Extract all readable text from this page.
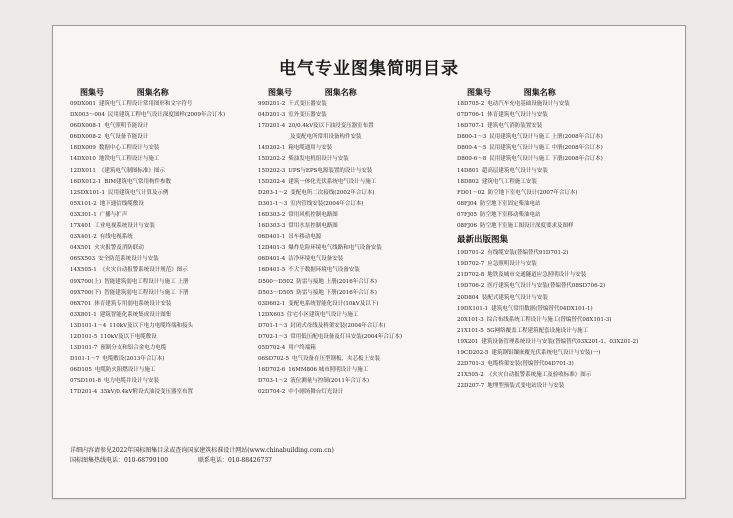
电气专业图集简明目录
图集号	图集名称
09DX001 建筑电气工程设计常用图形和文字符号
DX003～004 民用建筑工程电气设计深度图样(2009年合订本)
06DX008-1 电气照明节能设计
06DX008-2 电气设备节能设计
18DX009 数据中心工程设计与安装
14DX010 地铁电气工程设计与施工
12DX011 《建筑电气制图标准》图示
16DX012-1 BIM建筑电气常用构件参数
12SDX101-1 民用建筑电气计算及示例
05X101-2 地下通信线缆敷设
03X301-1 广播与扩声
17X401 工业电视系统设计与安装
03X401-2 有线电视系统
04X501 火灾报警及消防联动
06SX503 安全防范系统设计与安装
14X505-1 《火灾自动报警系统设计规范》图示
09X700(上) 智能建筑弱电工程设计与施工 上册
09X700(下) 智能建筑弱电工程设计与施工 下册
06X701 体育建筑专用弱电系统设计安装
03X801-1 建筑智能化系统集成设计图集
13D101-1～4 110kV及以下电力电缆终端和接头
12D101-5 110kV及以下电缆敷设
13D101-7 预制分支和铝合金电力电缆
D101-1～7 电缆敷设(2013年合订本)
06D105 电缆防火阻燃设计与施工
07SD101-8 电力电缆井设计与安装
17D201-4 35kV/0.4kV附设式油浸变压器室布置
图集号	图集名称
99D201-2 干式变压器安装
04D201-3 室外变压器安装
17D201-4 20/0.4kV及以下油浸变压器室布置
及变配电所常用设备构件安装
14D202-1 箱电缆通用与安装
15D202-2 柴油发电机组设计与安装
15D202-3 UPS与EPS电源装置的设计与安装
15D202-4 建筑一体化光伏系统电气设计与施工
D203-1～2 变配电所二次接线(2002年合订本)
D301-1～3 室内管线安装(2004年合订本)
16D303-2 常用风机控制电路图
16D303-3 常用水泵控制电路图
06D401-1 吊车移动电源
12D401-3 爆炸危险环境电气线路和电气设备安装
06D401-4 洁净环境电气设备安装
16D401-5 不大于数据环境电气设备安装
D500～D502 防雷与接地 上册(2016年合订本)
D503～D505 防雷与接地 下册(2016年合订本)
03D602-1 变配电系统智能化设计(10kV及以下)
12DX603 住宅小区建筑电气设计与施工
D701-1～3 封闭式母线及桥架安装(2004年合订本)
D702-1～3 常用低压配电设备及灯具安装(2004年合订本)
05D702-4 用户终端箱
06SD702-5 电气设备在压型钢板、夹芯板上安装
16D702-6 16MM806 城市照明设计与施工
D703-1～2 液位测量与控制(2011年合订本)
02D704-2 中小剧场舞台灯光设计
图集号	图集名称
18D705-2 电动汽车充电基础设施设计与安装
07D706-1 体育建筑电气设计与安装
16D707-1 建筑电气消防装置安装
D800-1～3 民用建筑电气设计与施工 上册(2008年合订本)
D800-4～5 民用建筑电气设计与施工 中册(2008年合订本)
D800-6～8 民用建筑电气设计与施工 下册(2008年合订本)
14D801 超高层建筑电气设计与安装
18D802 建筑电气工程施工安装
FD01～02 防空地下室电气设计(2007年合订本)
08FJ04 防空地下室固定柴油电站
07FJ05 防空地下室移动柴油电站
08FJ06 防空地下室施工图设计深度要求及图样
最新出版图集
19D701-2 有线缆安装(替编替代91D701-2)
19D702-7 应急照明设计与安装
21D702-8 地铁及城市交通隧道应急照明设计与安装
19D706-2 医疗建筑电气设计与安装(替编替代08SD706-2)
20D804 装配式建筑电气设计与安装
19DX101-1 建筑电气常用数据(替编替代04DX101-1)
20X101-3 综合布线系统工程设计与施工(替编替代08X101-3)
21X101-5 5G网络覆盖工程建筑配套设施设计与施工
19X201 建筑设备管理系统设计与安装(替编替代03X201-1、03X201-2)
19CD202-5 建筑钢铝镶嵌覆光伏系统电气设计与安装(一)
22D701-3 电缆桥架安装(替编替代04D701-3)
21X505-2 《火灾自动报警系统施工及验收标准》图示
22D207-7 地埋型预装式变电站设计与安装
详细内容请参见2022年国标图集目录或查询国家建筑标准设计网站(www.chinabuilding.com.cn)
国标图集热线电话：010-68799100	联系电话：010-88426737
